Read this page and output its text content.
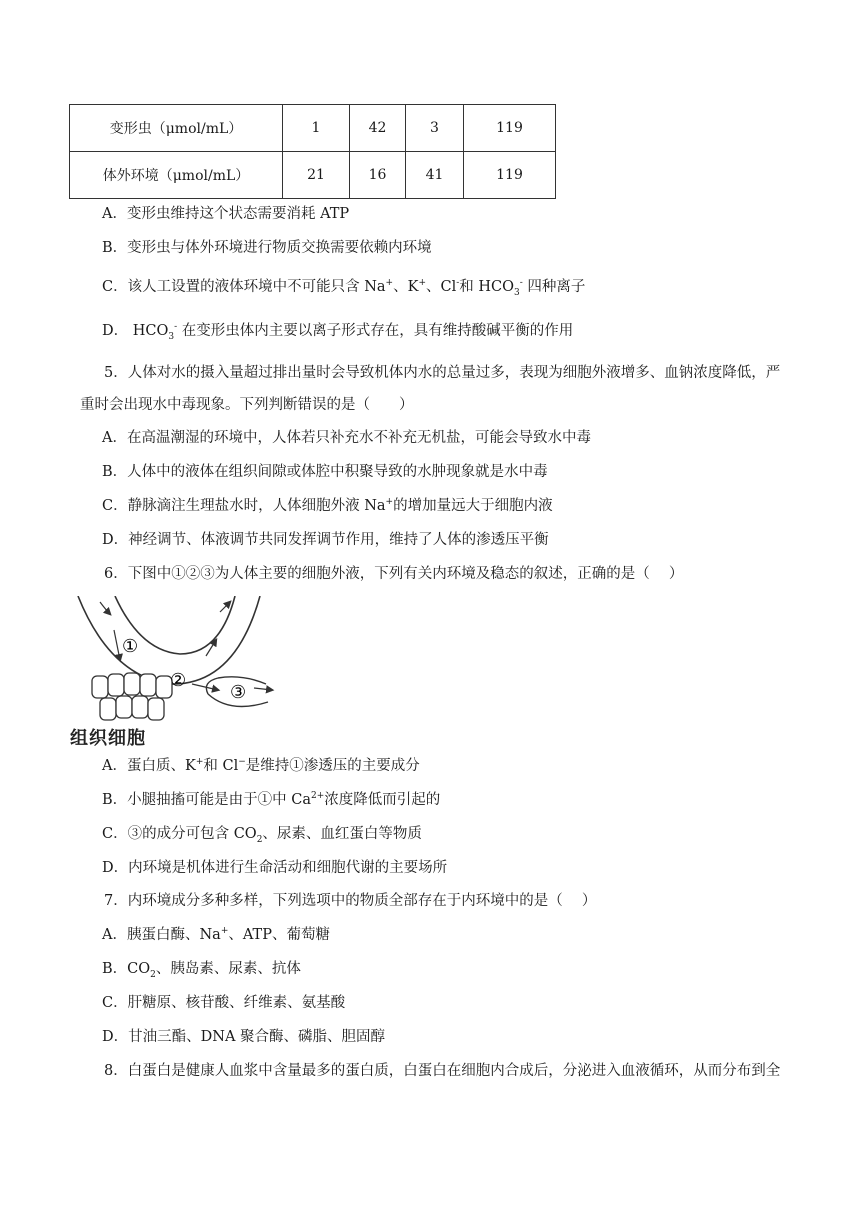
变形虫（μmol/mL）	1	42	3	119
体外环境（μmol/mL）	21	16	41	119
A．变形虫维持这个状态需要消耗 ATP
B．变形虫与体外环境进行物质交换需要依赖内环境
C．该人工设置的液体环境中不可能只含 Na+、K+、Cl-和 $HCO_3^-$ 四种离子
D． $HCO_3^-$ 在变形虫体内主要以离子形式存在，具有维持酸碱平衡的作用
5．人体对水的摄入量超过排出量时会导致机体内水的总量过多，表现为细胞外液增多、血钠浓度降低，严
重时会出现水中毒现象。下列判断错误的是（　　）
A．在高温潮湿的环境中，人体若只补充水不补充无机盐，可能会导致水中毒
B．人体中的液体在组织间隙或体腔中积聚导致的水肿现象就是水中毒
C．静脉滴注生理盐水时，人体细胞外液 Na+的增加量远大于细胞内液
D．神经调节、体液调节共同发挥调节作用，维持了人体的渗透压平衡
6．下图中①②③为人体主要的细胞外液，下列有关内环境及稳态的叙述，正确的是（　 ）
①
②
③
组织细胞
A．蛋白质、K+和 Cl−是维持①渗透压的主要成分
B．小腿抽搐可能是由于①中 $Ca^{2+}$浓度降低而引起的
C．③的成分可包含 $CO_2$、尿素、血红蛋白等物质
D．内环境是机体进行生命活动和细胞代谢的主要场所
7．内环境成分多种多样，下列选项中的物质全部存在于内环境中的是（　 ）
A．胰蛋白酶、Na+、ATP、葡萄糖
B．$CO_2$、胰岛素、尿素、抗体
C．肝糖原、核苷酸、纤维素、氨基酸
D．甘油三酯、DNA 聚合酶、磷脂、胆固醇
8．白蛋白是健康人血浆中含量最多的蛋白质，白蛋白在细胞内合成后，分泌进入血液循环，从而分布到全
